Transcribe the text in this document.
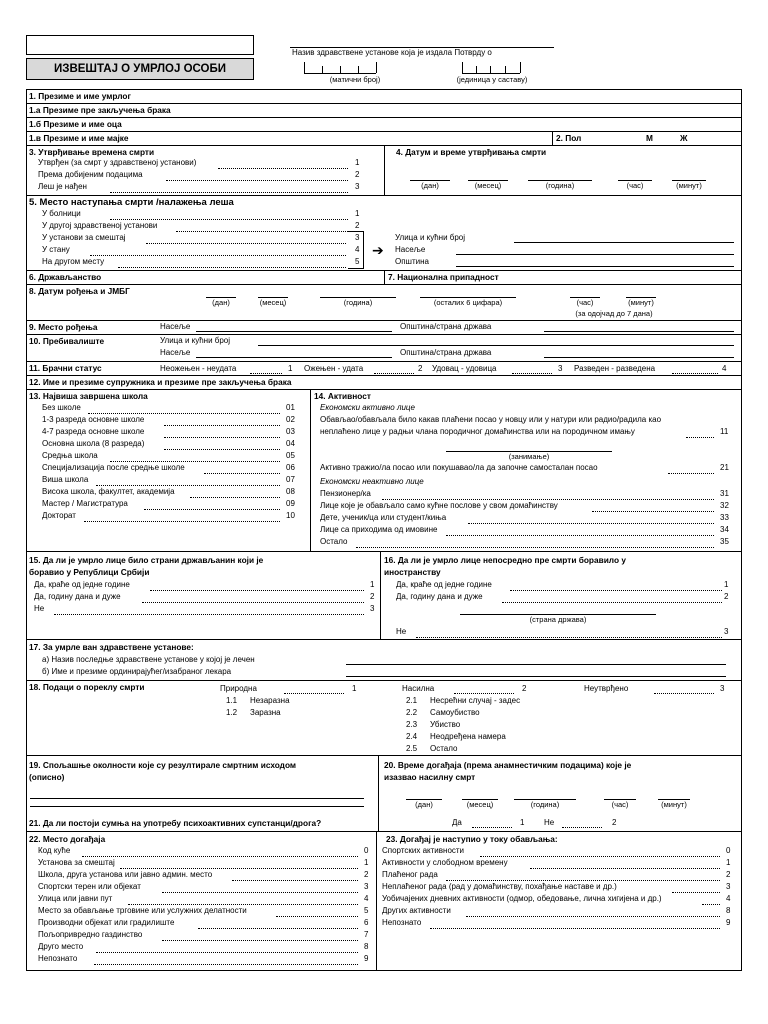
ИЗВЕШТАЈ О УМРЛОЈ ОСОБИ
Назив здравствене установе која је издала Потврду о
(матични број)	(јединица у саставу)
1. Презиме и име умрлог
1.а Презиме пре закључења брака
1.б Презиме и име оца
1.в Презиме и име мајке	2. Пол	М	Ж
3. Утврђивање времена смрти
Утврђен (за смрт у здравственој установи)	1
Према добијеним подацима	2
Леш је нађен	3
4. Датум и време утврђивања смрти
(дан)	(месец)	(година)	(час)	(минут)
5. Место наступања смрти /налажења леша
У болници	1
У другој здравственој установи	2
У установи за смештај	3
У стану	4
На другом месту	5
➔
Улица и кућни број
Насеље
Општина
6. Држављанство	7. Национална припадност
8. Датум рођења и ЈМБГ
(дан)	(месец)	(година)	(осталих 6 цифара)	(час)	(минут)
(за одојчад до 7 дана)
9. Место рођења	Насеље	Општина/страна држава
10. Пребивалиште	Улица и кућни број
Насеље	Општина/страна држава
11. Брачни статус	Неожењен - неудата	1 Ожењен - удата	2 Удовац - удовица	3 Разведен - разведена	4
12. Име и презиме супружника и презиме пре закључења брака
13. Највиша завршена школа
Без школе	01
1-3 разреда основне школе	02
4-7 разреда основне школе	03
Основна школа (8 разреда)	04
Средња школа	05
Специјализација после средње школе	06
Виша школа	07
Висока школа, факултет, академија	08
Мастер / Магистратура	09
Докторат	10
14. Активност
Економски активно лице
Обављао/обављала било какав плаћени посао у новцу или у натури или радио/радила као
неплаћено лице у радњи члана породичног домаћинства или на породичном имању	11
(занимање)
Активно тражио/ла посао или покушавао/ла да започне самосталан посао	21
Економски неактивно лице
Пензионер/ка	31
Лице које је обављало само кућне послове у свом домаћинству	32
Дете, ученик/ца или студент/киња	33
Лице са приходима од имовине	34
Остало	35
15. Да ли је умрло лице било страни држављанин који је
боравио у Републици Србији
Да, краће од једне године	1
Да, годину дана и дуже	2
Не	3
16. Да ли је умрло лице непосредно пре смрти боравило у
иностранству
Да, краће од једне године	1
Да, годину дана и дуже	2
(страна држава)
Не	3
17. За умрле ван здравствене установе:
а) Назив последње здравствене установе у којој је лечен
б) Име и презиме ординирајућег/изабраног лекара
18. Подаци о пореклу смрти	Природна	1	Насилна	2	Неутврђено	3
1.1 Незаразна
1.2 Заразна
2.1 Несрећни случај - задес
2.2 Самоубиство
2.3 Убиство
2.4 Неодређена намера
2.5 Остало
19. Спољашње околности које су резултирале смртним исходом
(описно)
20. Време догађаја (према анамнестичким подацима) које је
изазвао насилну смрт
(дан)	(месец)	(година)	(час)	(минут)
21. Да ли постоји сумња на употребу психоактивних супстанци/дрога?	Да	1 Не	2
22. Место догађаја
Код куће	0
Установа за смештај	1
Школа, друга установа или јавно админ. место	2
Спортски терен или објекат	3
Улица или јавни пут	4
Место за обављање трговине или услужних делатности	5
Производни објекат или градилиште	6
Пољопривредно газдинство	7
Друго место	8
Непознато	9
23. Догађај је наступио у току обављања:
Спортских активности	0
Активности у слободном времену	1
Плаћеног рада	2
Неплаћеног рада (рад у домаћинству, похађање наставе и др.)	3
Уобичајених дневних активности (одмор, обедовање, лична хигијена и др.)	4
Других активности	8
Непознато	9
